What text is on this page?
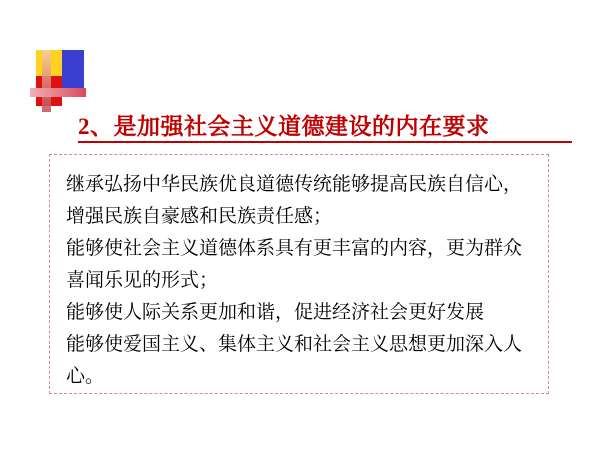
2、是加强社会主义道德建设的内在要求

继承弘扬中华民族优良道德传统能够提高民族自信心，增强民族自豪感和民族责任感；

能够使社会主义道德体系具有更丰富的内容，更为群众喜闻乐见的形式；

能够使人际关系更加和谐，促进经济社会更好发展

能够使爱国主义、集体主义和社会主义思想更加深入人心。
